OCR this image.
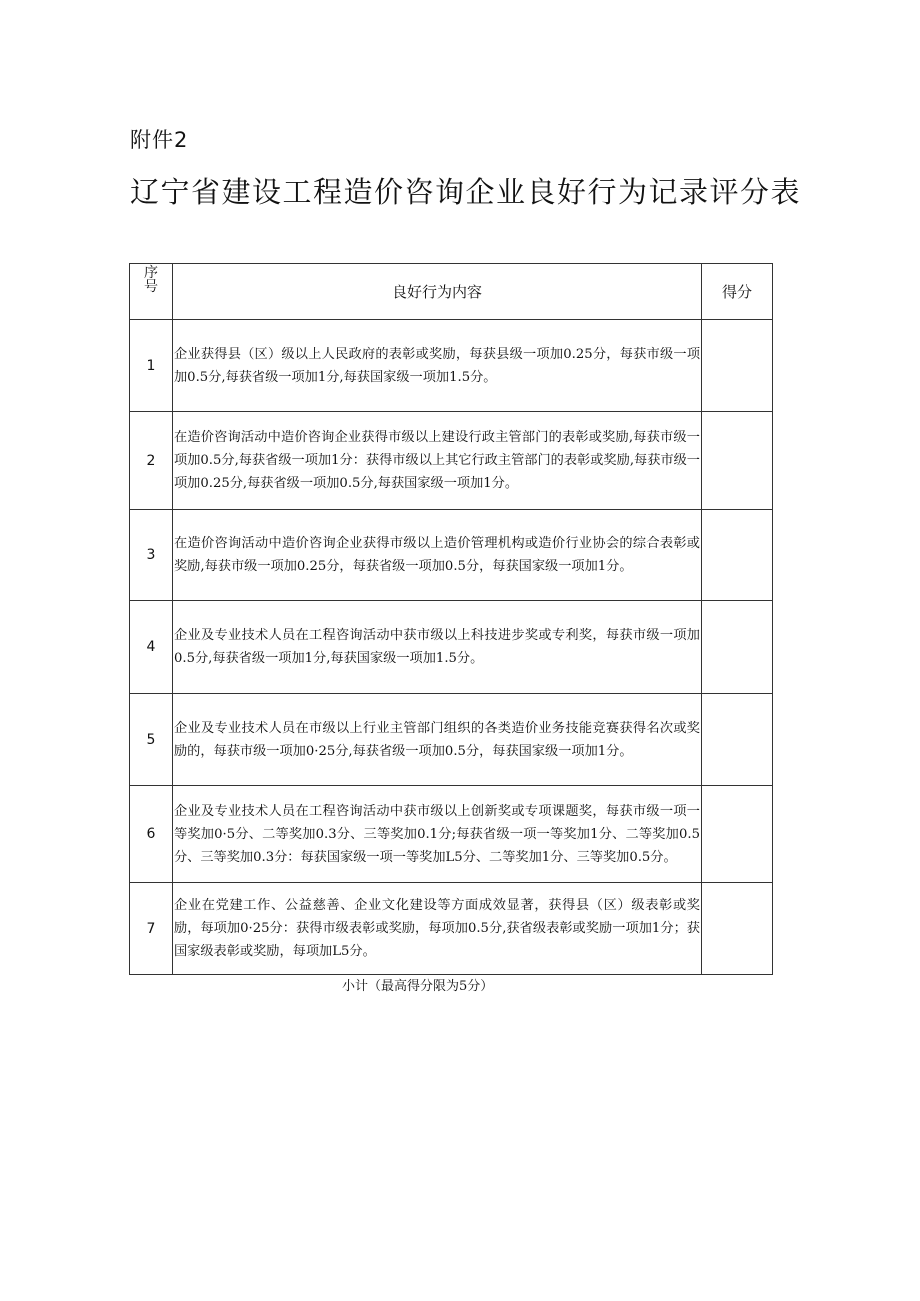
附件2
辽宁省建设工程造价咨询企业良好行为记录评分表
序
号	良好行为内容	得分
1	企业获得县（区）级以上人民政府的表彰或奖励，每获县级一项加0.25分，每获市级一项加0.5分,每获省级一项加1分,每获国家级一项加1.5分。	
2	在造价咨询活动中造价咨询企业获得市级以上建设行政主管部门的表彰或奖励,每获市级一项加0.5分,每获省级一项加1分：获得市级以上其它行政主管部门的表彰或奖励,每获市级一项加0.25分,每获省级一项加0.5分,每获国家级一项加1分。	
3	在造价咨询活动中造价咨询企业获得市级以上造价管理机构或造价行业协会的综合表彰或奖励,每获市级一项加0.25分，每获省级一项加0.5分，每获国家级一项加1分。	
4	企业及专业技术人员在工程咨询活动中获市级以上科技进步奖或专利奖，每获市级一项加0.5分,每获省级一项加1分,每获国家级一项加1.5分。	
5	企业及专业技术人员在市级以上行业主管部门组织的各类造价业务技能竞赛获得名次或奖励的，每获市级一项加0·25分,每获省级一项加0.5分，每获国家级一项加1分。	
6	企业及专业技术人员在工程咨询活动中获市级以上创新奖或专项课题奖，每获市级一项一等奖加0·5分、二等奖加0.3分、三等奖加0.1分;每获省级一项一等奖加1分、二等奖加0.5分、三等奖加0.3分：每获国家级一项一等奖加L5分、二等奖加1分、三等奖加0.5分。	
7	企业在党建工作、公益慈善、企业文化建设等方面成效显著，获得县（区）级表彰或奖励，每项加0·25分：获得市级表彰或奖励，每项加0.5分,获省级表彰或奖励一项加1分；获国家级表彰或奖励，每项加L5分。	
小计（最高得分限为5分）
